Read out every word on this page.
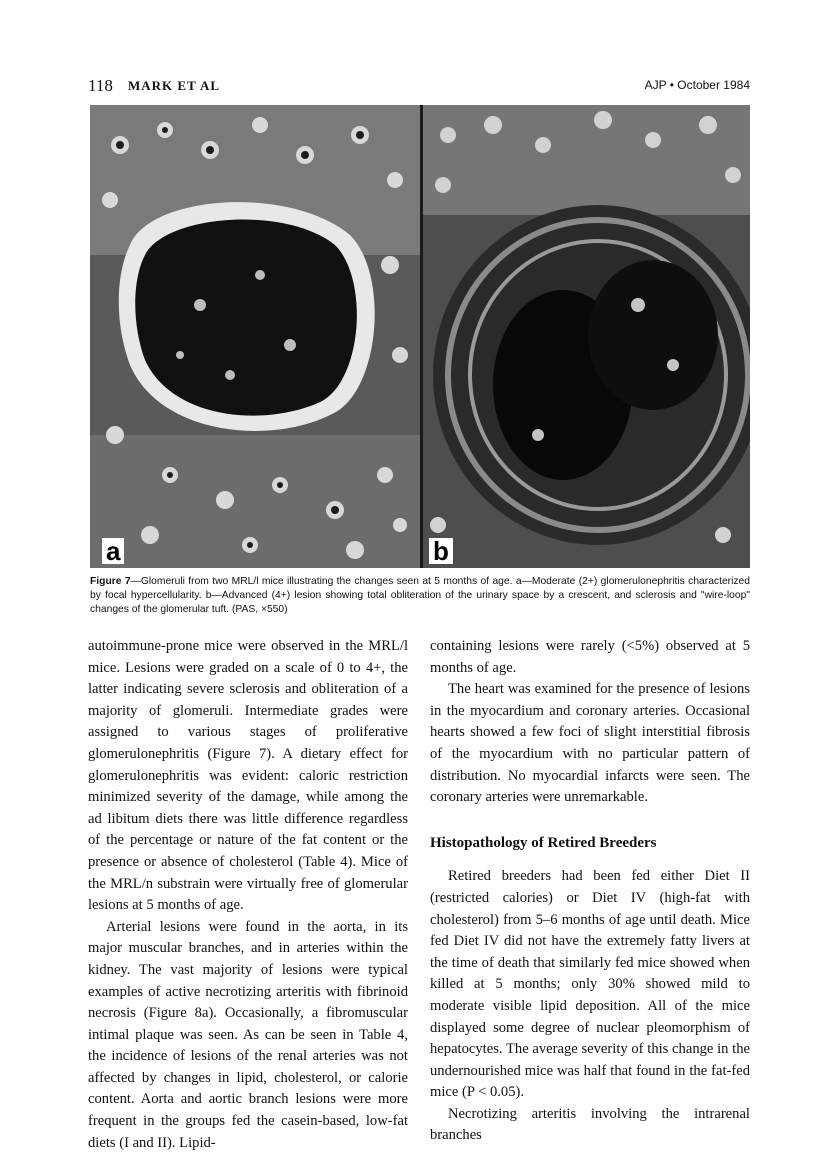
118 MARK ET AL	AJP • October 1984
a	b
Figure 7—Glomeruli from two MRL/l mice illustrating the changes seen at 5 months of age. a—Moderate (2+) glomerulonephritis characterized by focal hypercellularity. b—Advanced (4+) lesion showing total obliteration of the urinary space by a crescent, and sclerosis and "wire-loop" changes of the glomerular tuft. (PAS, ×550)

autoimmune-prone mice were observed in the MRL/l mice. Lesions were graded on a scale of 0 to 4+, the latter indicating severe sclerosis and obliteration of a majority of glomeruli. Intermediate grades were assigned to various stages of proliferative glomerulonephritis (Figure 7). A dietary effect for glomerulonephritis was evident: caloric restriction minimized severity of the damage, while among the ad libitum diets there was little difference regardless of the percentage or nature of the fat content or the presence or absence of cholesterol (Table 4). Mice of the MRL/n substrain were virtually free of glomerular lesions at 5 months of age.

Arterial lesions were found in the aorta, in its major muscular branches, and in arteries within the kidney. The vast majority of lesions were typical examples of active necrotizing arteritis with fibrinoid necrosis (Figure 8a). Occasionally, a fibromuscular intimal plaque was seen. As can be seen in Table 4, the incidence of lesions of the renal arteries was not affected by changes in lipid, cholesterol, or calorie content. Aorta and aortic branch lesions were more frequent in the groups fed the casein-based, low-fat diets (I and II). Lipid-

containing lesions were rarely (<5%) observed at 5 months of age.

The heart was examined for the presence of lesions in the myocardium and coronary arteries. Occasional hearts showed a few foci of slight interstitial fibrosis of the myocardium with no particular pattern of distribution. No myocardial infarcts were seen. The coronary arteries were unremarkable.

Histopathology of Retired Breeders

Retired breeders had been fed either Diet II (restricted calories) or Diet IV (high-fat with cholesterol) from 5–6 months of age until death. Mice fed Diet IV did not have the extremely fatty livers at the time of death that similarly fed mice showed when killed at 5 months; only 30% showed mild to moderate visible lipid deposition. All of the mice displayed some degree of nuclear pleomorphism of hepatocytes. The average severity of this change in the undernourished mice was half that found in the fat-fed mice (P < 0.05).

Necrotizing arteritis involving the intrarenal branches
